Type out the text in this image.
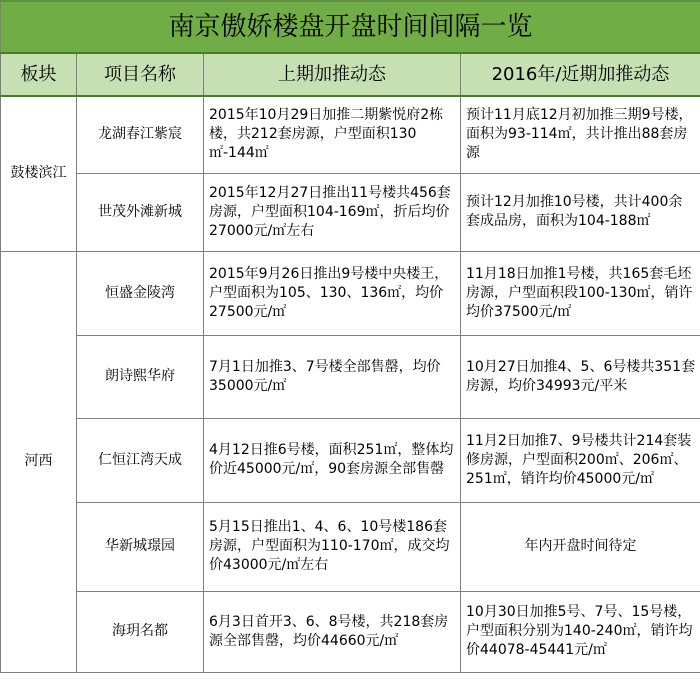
南京傲娇楼盘开盘时间间隔一览			
板块	项目名称	上期加推动态	2016年/近期加推动态
鼓楼滨江	龙湖春江紫宸	2015年10月29日加推二期紫悦府2栋楼，共212套房源，户型面积130㎡-144㎡	预计11月底12月初加推三期9号楼，面积为93-114㎡，共计推出88套房源
	世茂外滩新城	2015年12月27日推出11号楼共456套房源，户型面积104-169㎡，折后均价27000元/㎡左右	预计12月加推10号楼，共计400余套成品房，面积为104-188㎡
河西	恒盛金陵湾	2015年9月26日推出9号楼中央楼王，户型面积为105、130、136㎡，均价27500元/㎡	11月18日加推1号楼，共165套毛坯房源，户型面积段100-130㎡，销许均价37500元/㎡
	朗诗熙华府	7月1日加推3、7号楼全部售罄，均价35000元/㎡	10月27日加推4、5、6号楼共351套房源，均价34993元/平米
	仁恒江湾天成	4月12日推6号楼，面积251㎡，整体均价近45000元/㎡，90套房源全部售罄	11月2日加推7、9号楼共计214套装修房源，户型面积200㎡、206㎡、251㎡，销许均价45000元/㎡
	华新城璟园	5月15日推出1、4、6、10号楼186套房源，户型面积为110-170㎡，成交均价43000元/㎡左右	年内开盘时间待定
	海玥名都	6月3日首开3、6、8号楼，共218套房源全部售罄，均价44660元/㎡	10月30日加推5号、7号、15号楼，户型面积分别为140-240㎡，销许均价44078-45441元/㎡
